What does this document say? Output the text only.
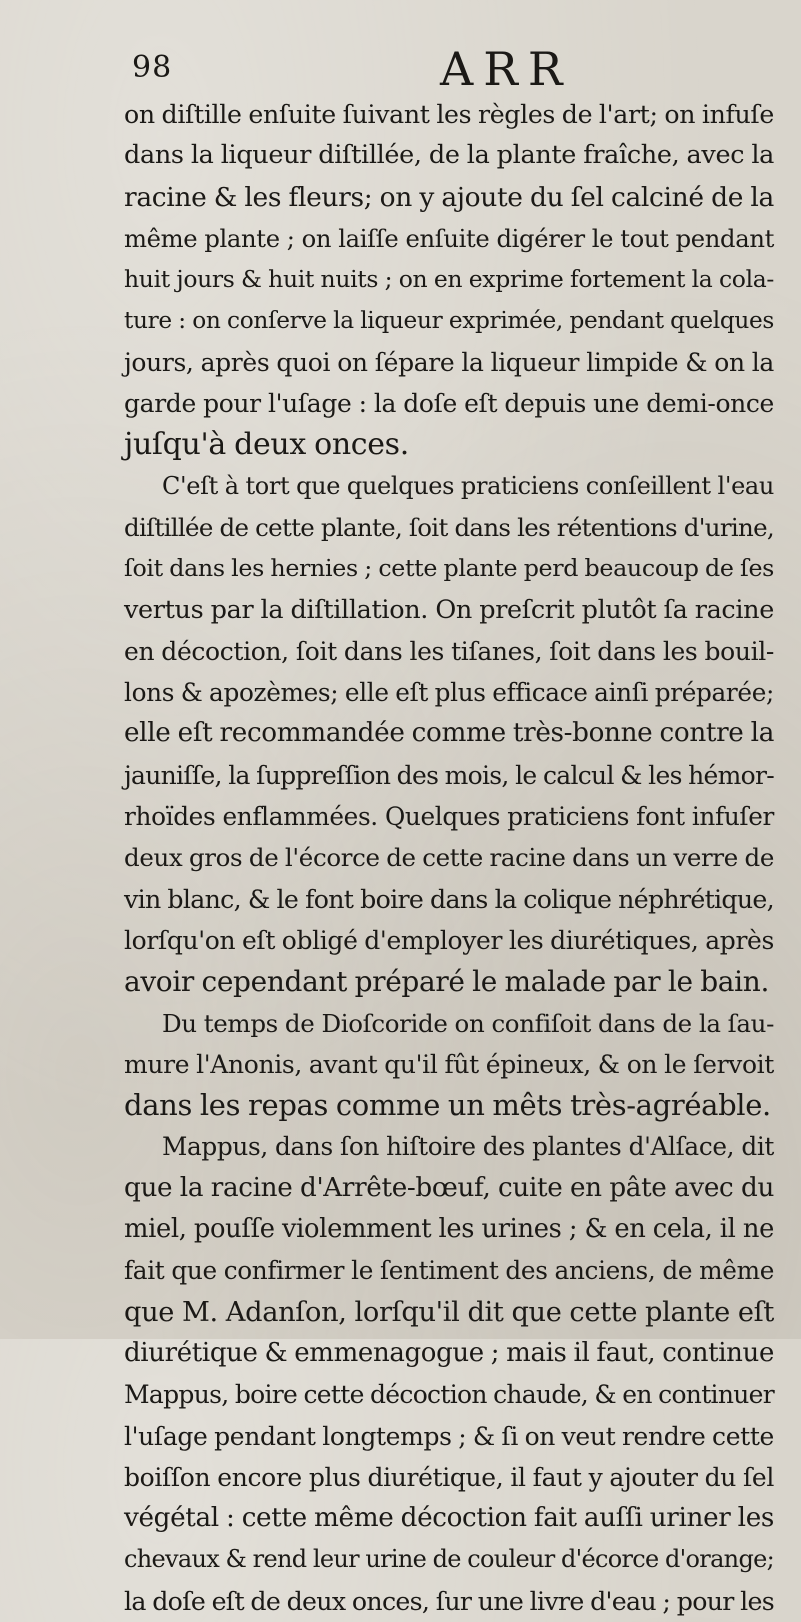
98	ARR
on diſtille enſuite ſuivant les règles de l'art; on infuſe
dans la liqueur diſtillée, de la plante fraîche, avec la
racine & les fleurs; on y ajoute du ſel calciné de la
même plante ; on laiſſe enſuite digérer le tout pendant
huit jours & huit nuits ; on en exprime fortement la cola-
ture : on conſerve la liqueur exprimée, pendant quelques
jours, après quoi on ſépare la liqueur limpide & on la
garde pour l'uſage : la doſe eſt depuis une demi-once
juſqu'à deux onces.
C'eſt à tort que quelques praticiens conſeillent l'eau
diſtillée de cette plante, ſoit dans les rétentions d'urine,
ſoit dans les hernies ; cette plante perd beaucoup de ſes
vertus par la diſtillation. On preſcrit plutôt ſa racine
en décoction, ſoit dans les tiſanes, ſoit dans les bouil-
lons & apozèmes; elle eſt plus efficace ainſi préparée;
elle eſt recommandée comme très-bonne contre la
jauniſſe, la ſuppreſſion des mois, le calcul & les hémor-
rhoïdes enflammées. Quelques praticiens font infuſer
deux gros de l'écorce de cette racine dans un verre de
vin blanc, & le font boire dans la colique néphrétique,
lorſqu'on eſt obligé d'employer les diurétiques, après
avoir cependant préparé le malade par le bain.
Du temps de Dioſcoride on confiſoit dans de la ſau-
mure l'Anonis, avant qu'il fût épineux, & on le ſervoit
dans les repas comme un mêts très-agréable.
Mappus, dans ſon hiſtoire des plantes d'Alſace, dit
que la racine d'Arrête-bœuf, cuite en pâte avec du
miel, pouſſe violemment les urines ; & en cela, il ne
fait que confirmer le ſentiment des anciens, de même
que M. Adanſon, lorſqu'il dit que cette plante eſt
diurétique & emmenagogue ; mais il faut, continue
Mappus, boire cette décoction chaude, & en continuer
l'uſage pendant longtemps ; & ſi on veut rendre cette
boiſſon encore plus diurétique, il faut y ajouter du ſel
végétal : cette même décoction fait auſſi uriner les
chevaux & rend leur urine de couleur d'écorce d'orange;
la doſe eſt de deux onces, ſur une livre d'eau ; pour les
